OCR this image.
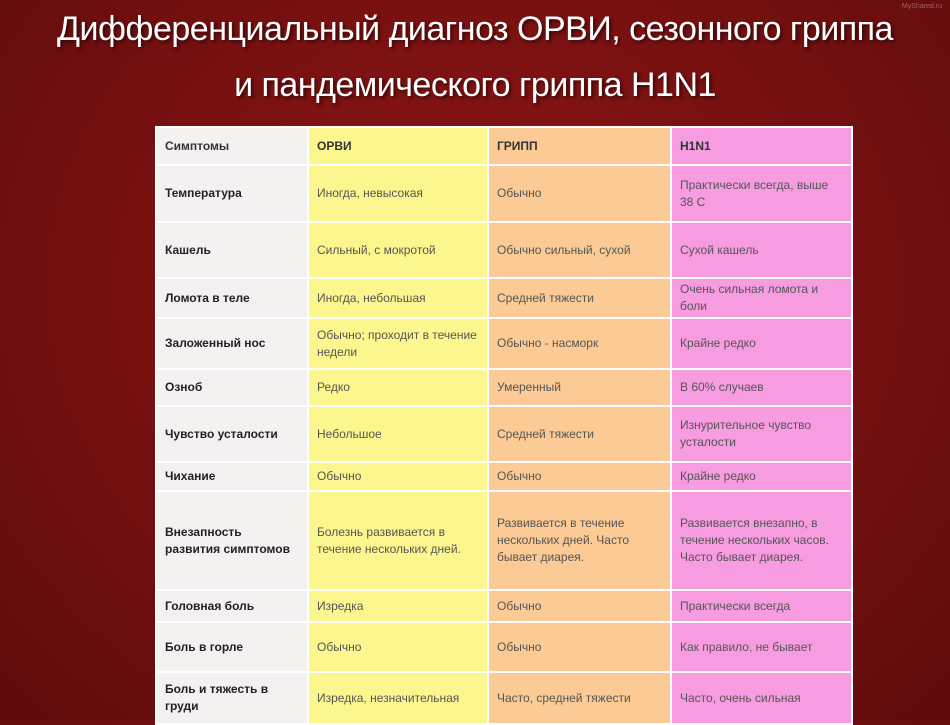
Дифференциальный диагноз ОРВИ, сезонного гриппа
и пандемического гриппа H1N1
MyShared.ru
Симптомы	ОРВИ	ГРИПП	H1N1
Температура	Иногда, невысокая	Обычно	Практически всегда, выше 38 С
Кашель	Сильный, с мокротой	Обычно сильный, сухой	Сухой кашель
Ломота в теле	Иногда, небольшая	Средней тяжести	Очень сильная ломота и боли
Заложенный нос	Обычно; проходит в течение недели	Обычно - насморк	Крайне редко
Озноб	Редко	Умеренный	В 60% случаев
Чувство усталости	Небольшое	Средней тяжести	Изнурительное чувство усталости
Чихание	Обычно	Обычно	Крайне редко
Внезапность развития симптомов	Болезнь развивается в течение нескольких дней.	Развивается в течение нескольких дней. Часто бывает диарея.	Развивается внезапно, в течение нескольких часов. Часто бывает диарея.
Головная боль	Изредка	Обычно	Практически всегда
Боль в горле	Обычно	Обычно	Как правило, не бывает
Боль и тяжесть в груди	Изредка, незначительная	Часто, средней тяжести	Часто, очень сильная
